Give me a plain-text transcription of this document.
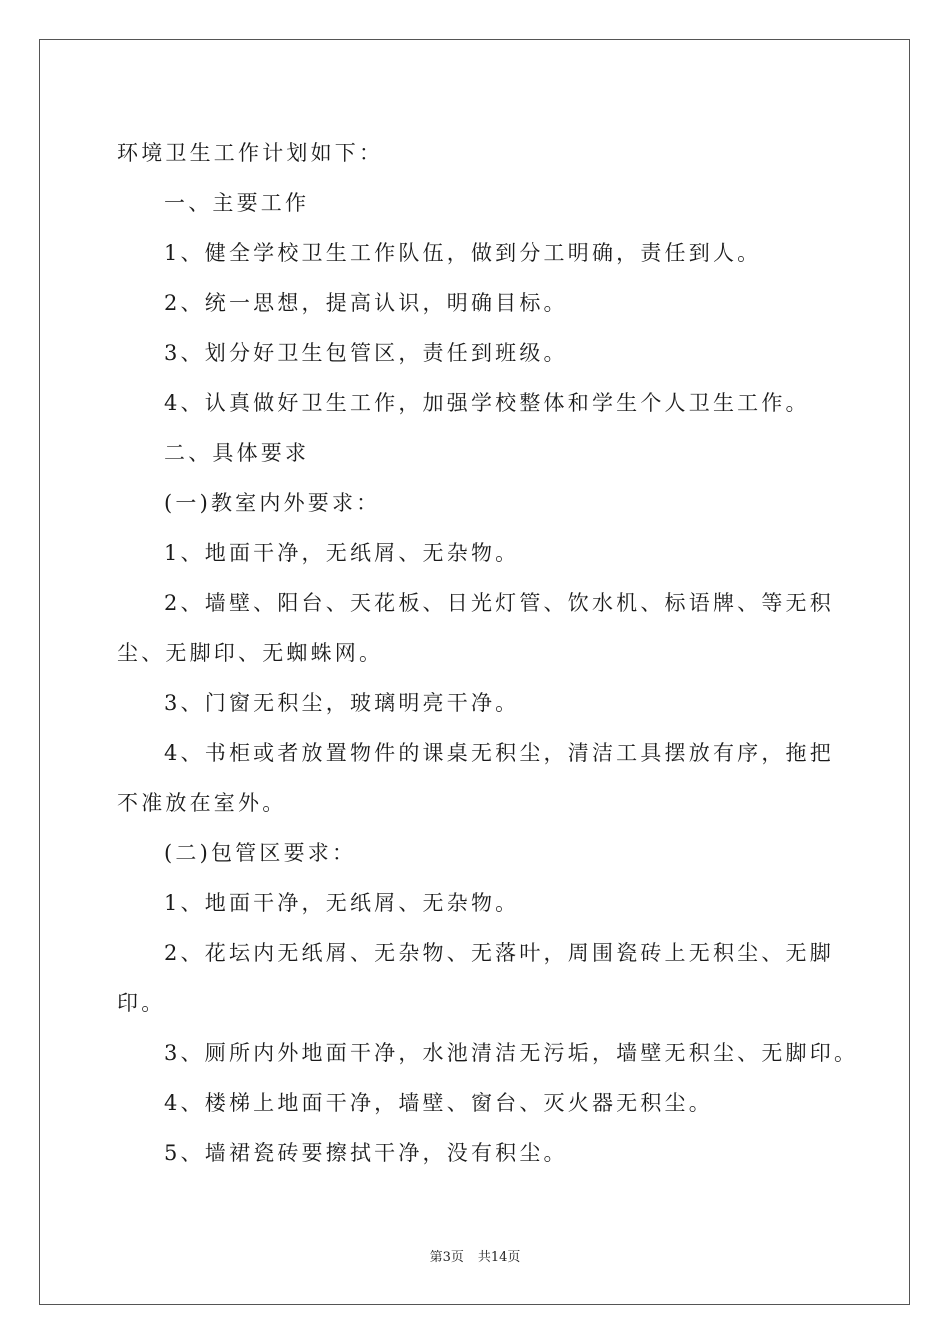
环境卫生工作计划如下：
一、主要工作
1、健全学校卫生工作队伍，做到分工明确，责任到人。
2、统一思想，提高认识，明确目标。
3、划分好卫生包管区，责任到班级。
4、认真做好卫生工作，加强学校整体和学生个人卫生工作。
二、具体要求
(一)教室内外要求：
1、地面干净，无纸屑、无杂物。
2、墙壁、阳台、天花板、日光灯管、饮水机、标语牌、等无积
尘、无脚印、无蜘蛛网。
3、门窗无积尘，玻璃明亮干净。
4、书柜或者放置物件的课桌无积尘，清洁工具摆放有序，拖把
不准放在室外。
(二)包管区要求：
1、地面干净，无纸屑、无杂物。
2、花坛内无纸屑、无杂物、无落叶，周围瓷砖上无积尘、无脚
印。
3、厕所内外地面干净，水池清洁无污垢，墙壁无积尘、无脚印。
4、楼梯上地面干净，墙壁、窗台、灭火器无积尘。
5、墙裙瓷砖要擦拭干净，没有积尘。
第3页 共14页
